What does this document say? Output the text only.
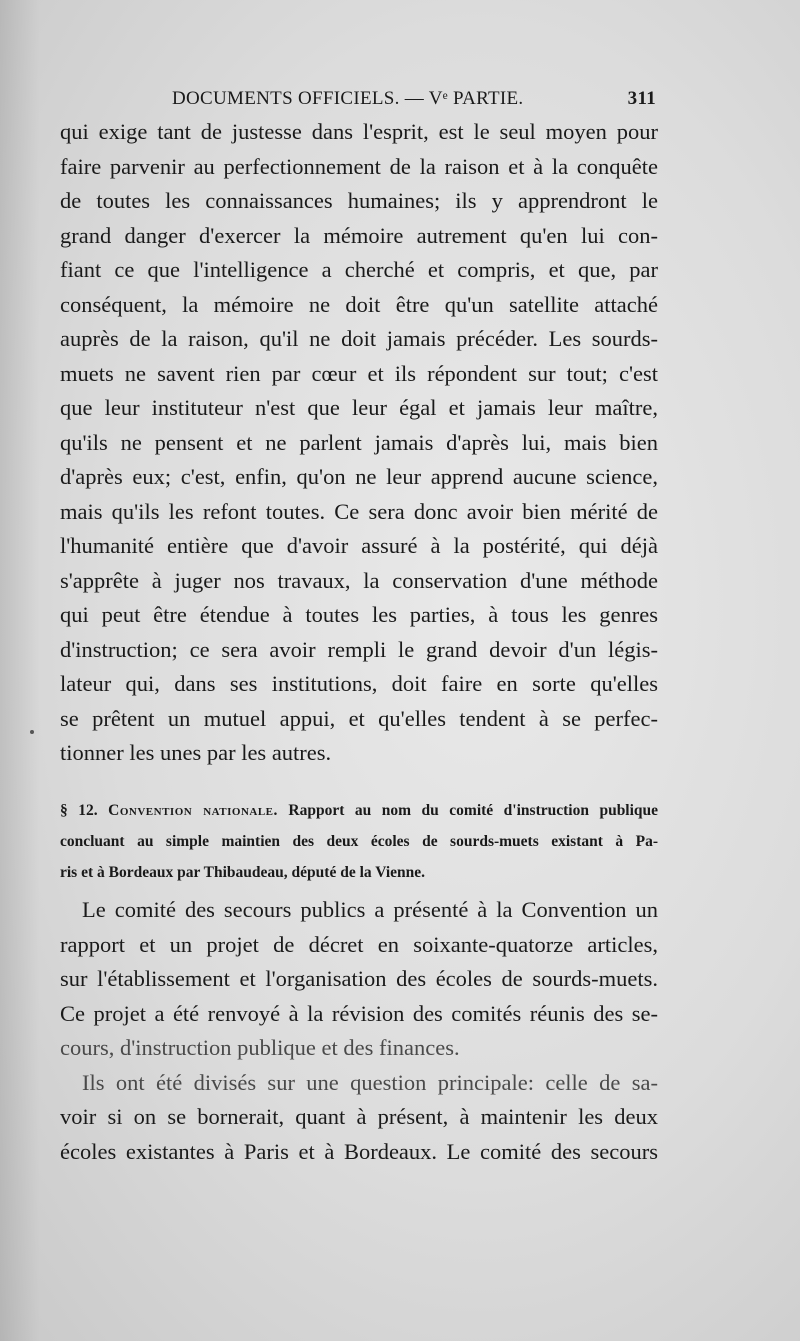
DOCUMENTS OFFICIELS. — Vᵉ PARTIE.	311
qui exige tant de justesse dans l'esprit, est le seul moyen pour
faire parvenir au perfectionnement de la raison et à la conquête
de toutes les connaissances humaines; ils y apprendront le
grand danger d'exercer la mémoire autrement qu'en lui con-
fiant ce que l'intelligence a cherché et compris, et que, par
conséquent, la mémoire ne doit être qu'un satellite attaché
auprès de la raison, qu'il ne doit jamais précéder. Les sourds-
muets ne savent rien par cœur et ils répondent sur tout; c'est
que leur instituteur n'est que leur égal et jamais leur maître,
qu'ils ne pensent et ne parlent jamais d'après lui, mais bien
d'après eux; c'est, enfin, qu'on ne leur apprend aucune science,
mais qu'ils les refont toutes. Ce sera donc avoir bien mérité de
l'humanité entière que d'avoir assuré à la postérité, qui déjà
s'apprête à juger nos travaux, la conservation d'une méthode
qui peut être étendue à toutes les parties, à tous les genres
d'instruction; ce sera avoir rempli le grand devoir d'un légis-
lateur qui, dans ses institutions, doit faire en sorte qu'elles
se prêtent un mutuel appui, et qu'elles tendent à se perfec-
tionner les unes par les autres.
§ 12. Convention nationale. Rapport au nom du comité d'instruction publique
concluant au simple maintien des deux écoles de sourds-muets existant à Pa-
ris et à Bordeaux par Thibaudeau, député de la Vienne.
Le comité des secours publics a présenté à la Convention un
rapport et un projet de décret en soixante-quatorze articles,
sur l'établissement et l'organisation des écoles de sourds-muets.
Ce projet a été renvoyé à la révision des comités réunis des se-
cours, d'instruction publique et des finances.
Ils ont été divisés sur une question principale: celle de sa-
voir si on se bornerait, quant à présent, à maintenir les deux
écoles existantes à Paris et à Bordeaux. Le comité des secours
